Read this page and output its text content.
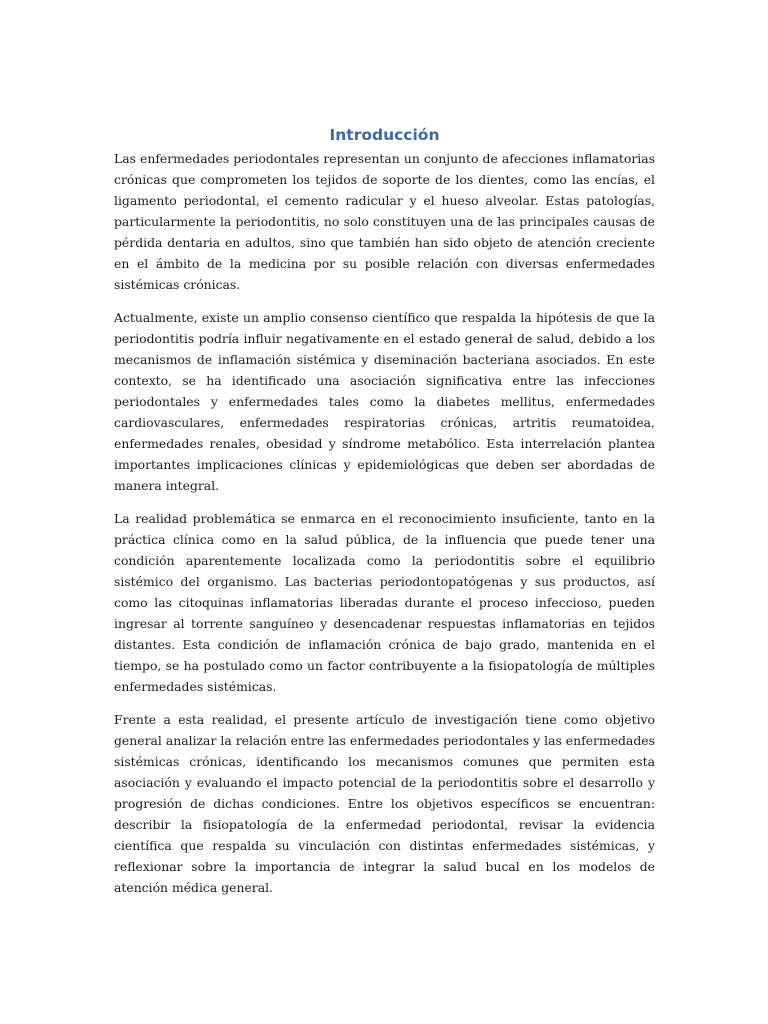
Introducción

Las enfermedades periodontales representan un conjunto de afecciones inflamatorias crónicas que comprometen los tejidos de soporte de los dientes, como las encías, el ligamento periodontal, el cemento radicular y el hueso alveolar. Estas patologías, particularmente la periodontitis, no solo constituyen una de las principales causas de pérdida dentaria en adultos, sino que también han sido objeto de atención creciente en el ámbito de la medicina por su posible relación con diversas enfermedades sistémicas crónicas.

Actualmente, existe un amplio consenso científico que respalda la hipótesis de que la periodontitis podría influir negativamente en el estado general de salud, debido a los mecanismos de inflamación sistémica y diseminación bacteriana asociados. En este contexto, se ha identificado una asociación significativa entre las infecciones periodontales y enfermedades tales como la diabetes mellitus, enfermedades cardiovasculares, enfermedades respiratorias crónicas, artritis reumatoidea, enfermedades renales, obesidad y síndrome metabólico. Esta interrelación plantea importantes implicaciones clínicas y epidemiológicas que deben ser abordadas de manera integral.

La realidad problemática se enmarca en el reconocimiento insuficiente, tanto en la práctica clínica como en la salud pública, de la influencia que puede tener una condición aparentemente localizada como la periodontitis sobre el equilibrio sistémico del organismo. Las bacterias periodontopatógenas y sus productos, así como las citoquinas inflamatorias liberadas durante el proceso infeccioso, pueden ingresar al torrente sanguíneo y desencadenar respuestas inflamatorias en tejidos distantes. Esta condición de inflamación crónica de bajo grado, mantenida en el tiempo, se ha postulado como un factor contribuyente a la fisiopatología de múltiples enfermedades sistémicas.

Frente a esta realidad, el presente artículo de investigación tiene como objetivo general analizar la relación entre las enfermedades periodontales y las enfermedades sistémicas crónicas, identificando los mecanismos comunes que permiten esta asociación y evaluando el impacto potencial de la periodontitis sobre el desarrollo y progresión de dichas condiciones. Entre los objetivos específicos se encuentran: describir la fisiopatología de la enfermedad periodontal, revisar la evidencia científica que respalda su vinculación con distintas enfermedades sistémicas, y reflexionar sobre la importancia de integrar la salud bucal en los modelos de atención médica general.
